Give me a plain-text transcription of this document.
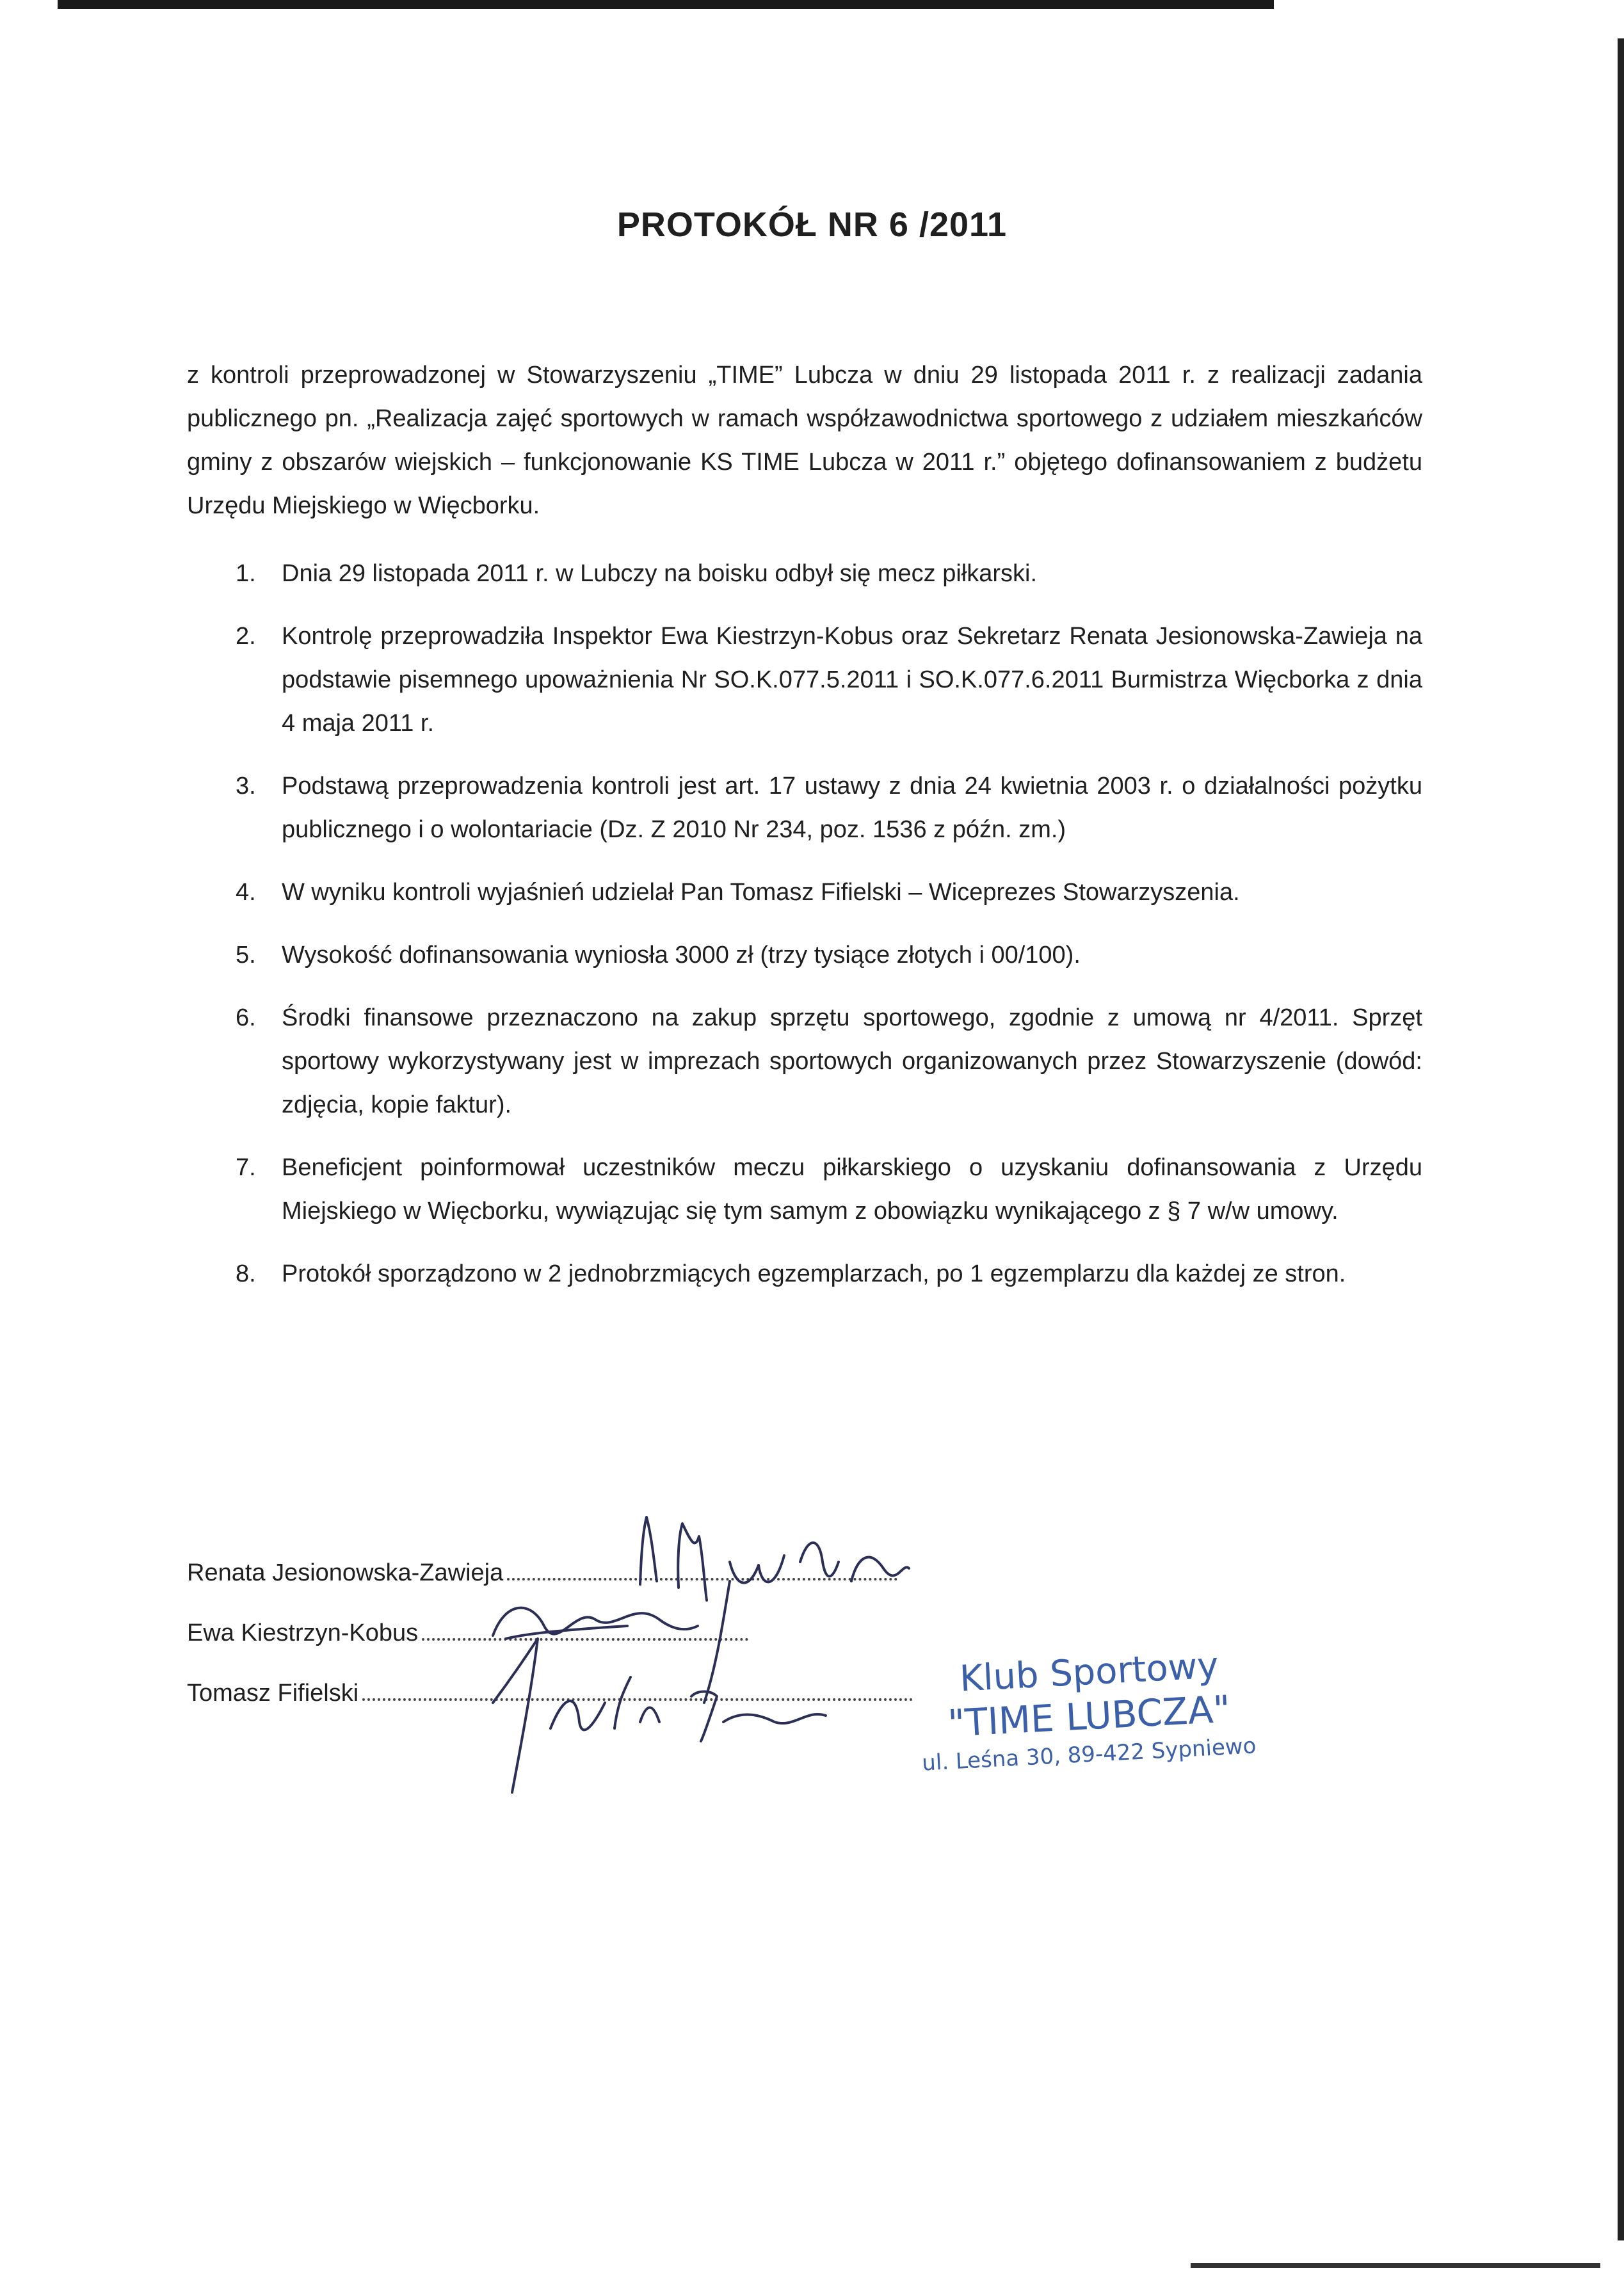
PROTOKÓŁ NR 6 /2011
z kontroli przeprowadzonej w Stowarzyszeniu „TIME” Lubcza w dniu 29 listopada 2011 r. z realizacji zadania publicznego pn. „Realizacja zajęć sportowych w ramach współzawodnictwa sportowego z udziałem mieszkańców gminy z obszarów wiejskich – funkcjonowanie KS TIME Lubcza w 2011 r.” objętego dofinansowaniem z budżetu Urzędu Miejskiego w Więcborku.
1. Dnia 29 listopada 2011 r. w Lubczy na boisku odbył się mecz piłkarski.
2. Kontrolę przeprowadziła Inspektor Ewa Kiestrzyn-Kobus oraz Sekretarz Renata Jesionowska-Zawieja na podstawie pisemnego upoważnienia Nr SO.K.077.5.2011 i SO.K.077.6.2011 Burmistrza Więcborka z dnia 4 maja 2011 r.
3. Podstawą przeprowadzenia kontroli jest art. 17 ustawy z dnia 24 kwietnia 2003 r. o działalności pożytku publicznego i o wolontariacie (Dz. Z 2010 Nr 234, poz. 1536 z późn. zm.)
4. W wyniku kontroli wyjaśnień udzielał Pan Tomasz Fifielski – Wiceprezes Stowarzyszenia.
5. Wysokość dofinansowania wyniosła 3000 zł (trzy tysiące złotych i 00/100).
6. Środki finansowe przeznaczono na zakup sprzętu sportowego, zgodnie z umową nr 4/2011. Sprzęt sportowy wykorzystywany jest w imprezach sportowych organizowanych przez Stowarzyszenie (dowód: zdjęcia, kopie faktur).
7. Beneficjent poinformował uczestników meczu piłkarskiego o uzyskaniu dofinansowania z Urzędu Miejskiego w Więcborku, wywiązując się tym samym z obowiązku wynikającego z § 7 w/w umowy.
8. Protokół sporządzono w 2 jednobrzmiących egzemplarzach, po 1 egzemplarzu dla każdej ze stron.
Renata Jesionowska-Zawieja
Ewa Kiestrzyn-Kobus
Tomasz Fifielski	Klub Sportowy
"TIME LUBCZA"
ul. Leśna 30, 89-422 Sypniewo
